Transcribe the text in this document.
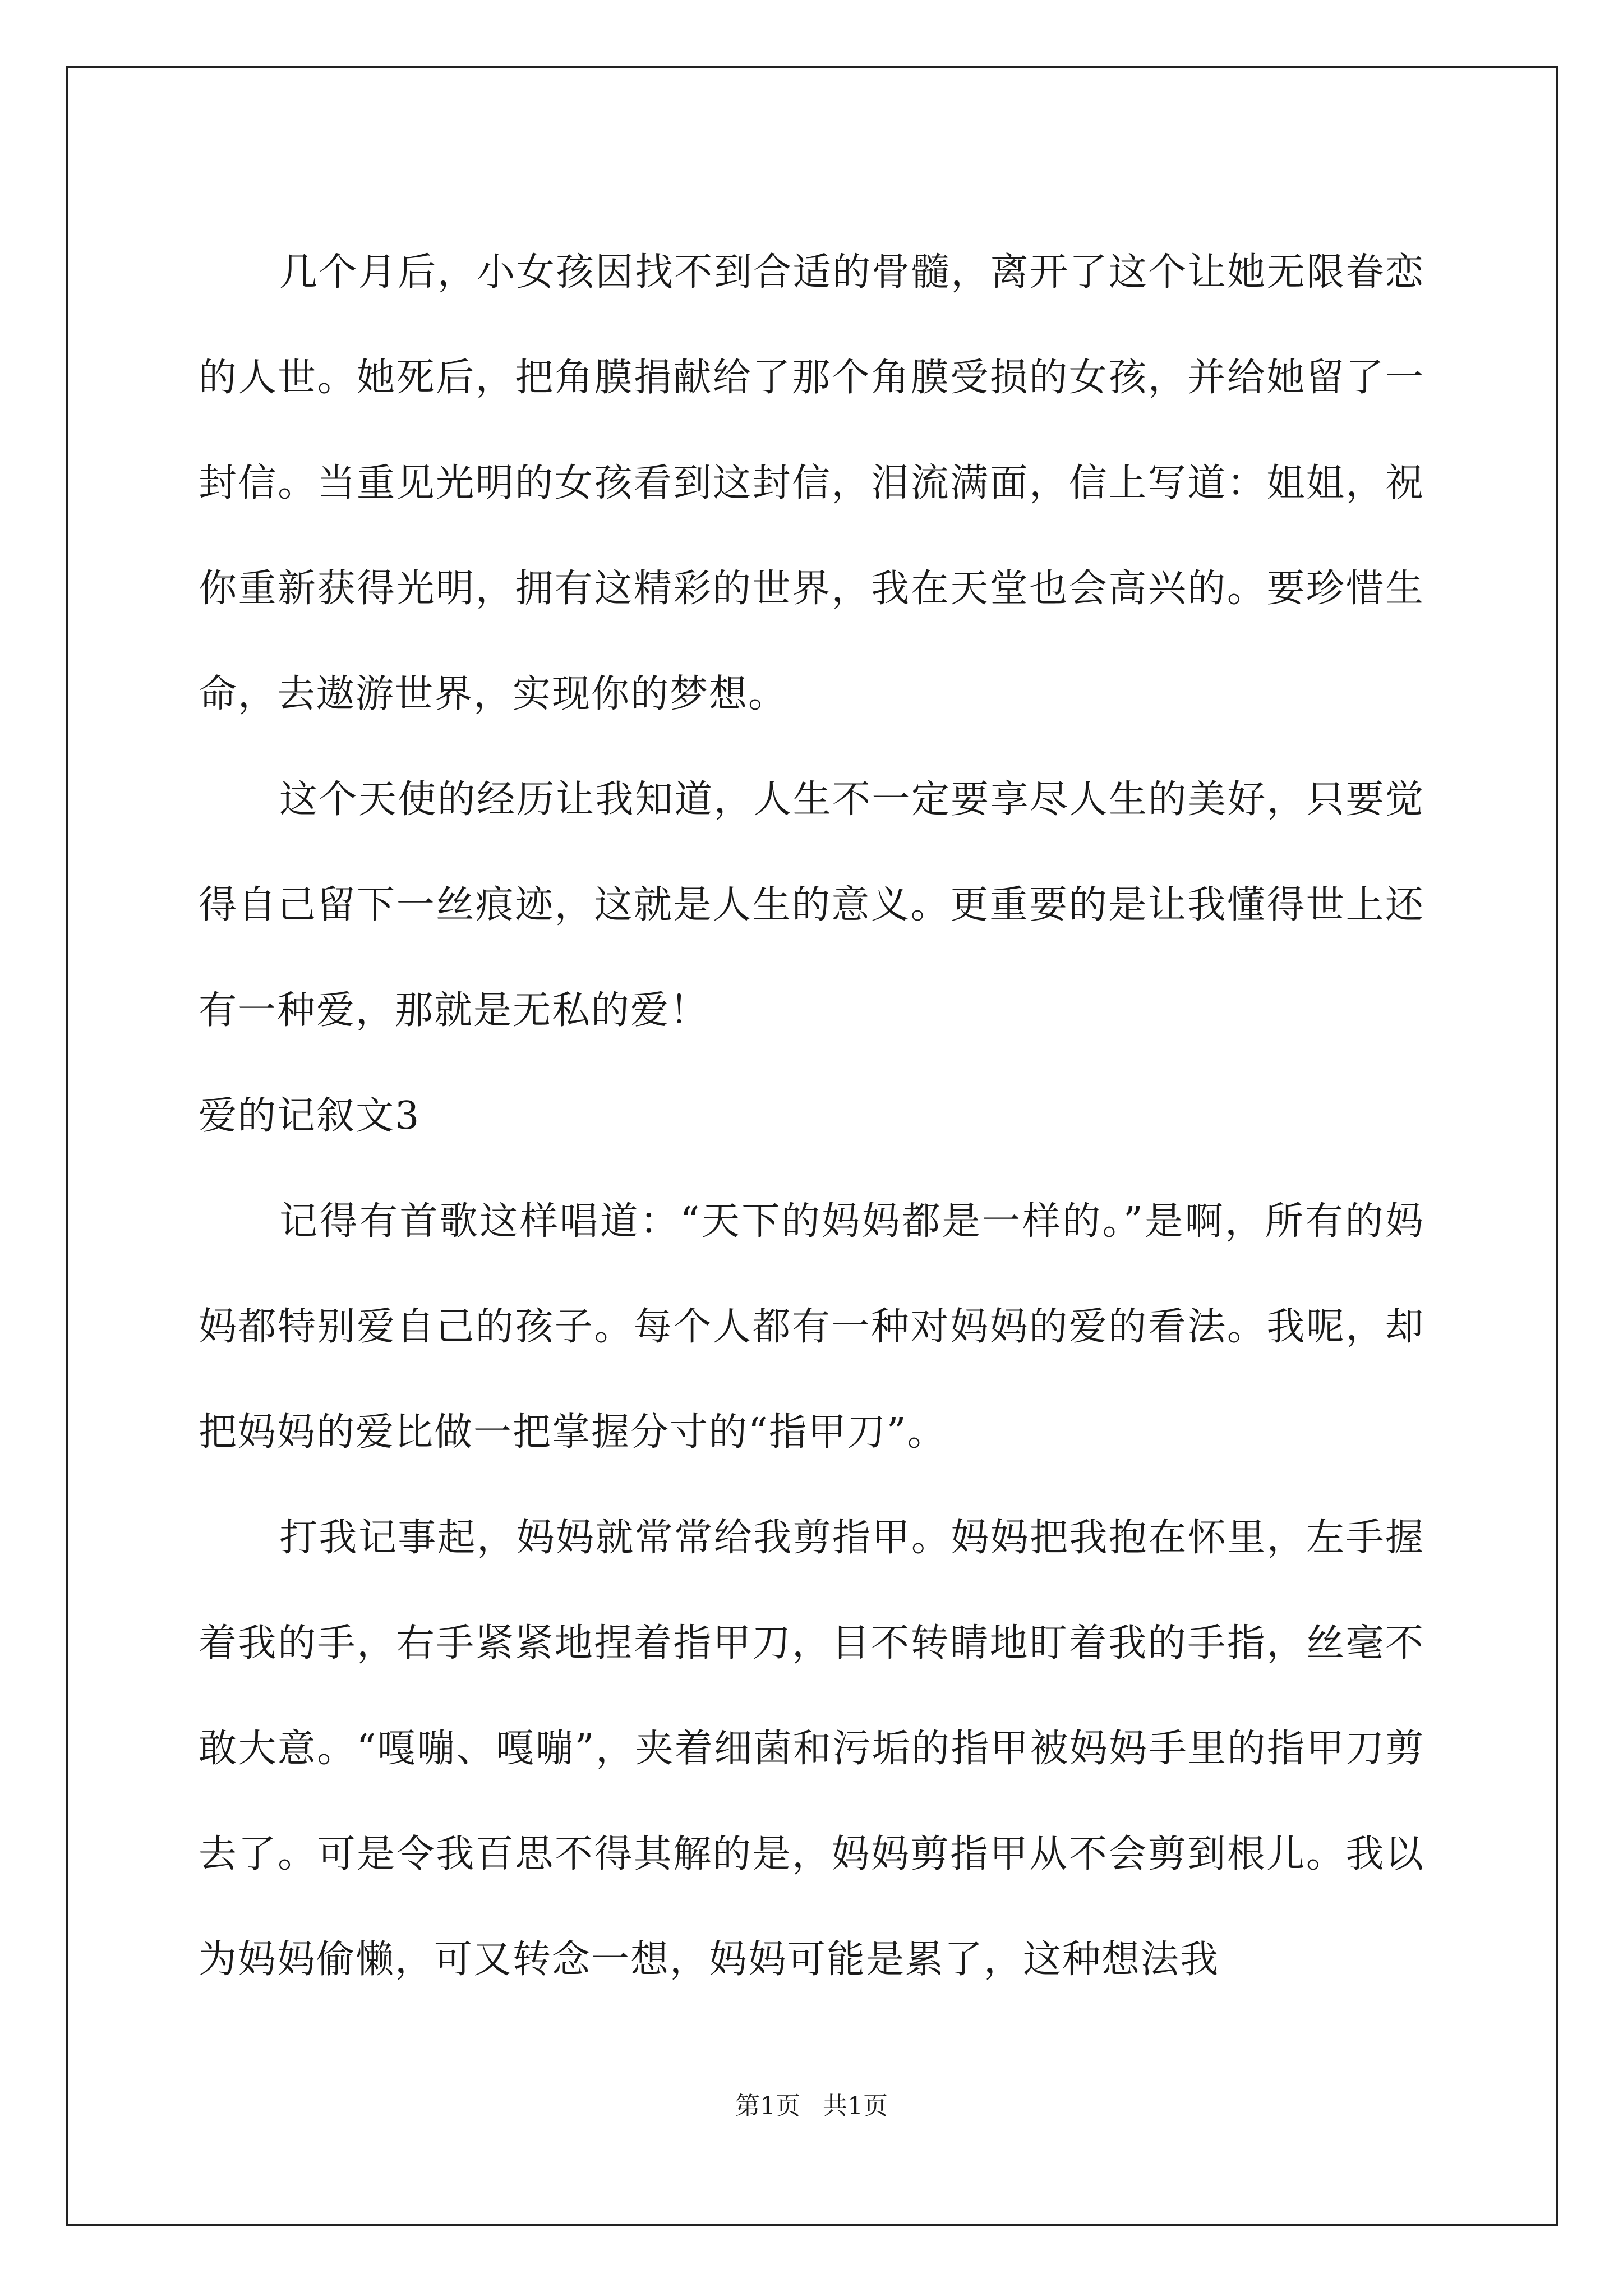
几个月后，小女孩因找不到合适的骨髓，离开了这个让她无限眷恋的人世。她死后，把角膜捐献给了那个角膜受损的女孩，并给她留了一封信。当重见光明的女孩看到这封信，泪流满面，信上写道：姐姐，祝你重新获得光明，拥有这精彩的世界，我在天堂也会高兴的。要珍惜生命，去遨游世界，实现你的梦想。

这个天使的经历让我知道，人生不一定要享尽人生的美好，只要觉得自己留下一丝痕迹，这就是人生的意义。更重要的是让我懂得世上还有一种爱，那就是无私的爱！

爱的记叙文3

记得有首歌这样唱道：“天下的妈妈都是一样的。”是啊，所有的妈妈都特别爱自己的孩子。每个人都有一种对妈妈的爱的看法。我呢，却把妈妈的爱比做一把掌握分寸的“指甲刀”。

打我记事起，妈妈就常常给我剪指甲。妈妈把我抱在怀里，左手握着我的手，右手紧紧地捏着指甲刀，目不转睛地盯着我的手指，丝毫不敢大意。“嘎嘣、嘎嘣”，夹着细菌和污垢的指甲被妈妈手里的指甲刀剪去了。可是令我百思不得其解的是，妈妈剪指甲从不会剪到根儿。我以为妈妈偷懒，可又转念一想，妈妈可能是累了，这种想法我

第1页 共1页
